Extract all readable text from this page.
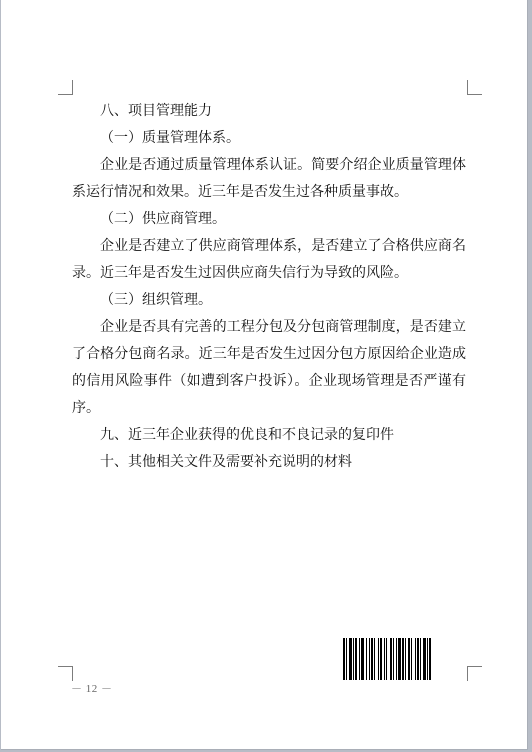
八、项目管理能力

（一）质量管理体系。

企业是否通过质量管理体系认证。简要介绍企业质量管理体系运行情况和效果。近三年是否发生过各种质量事故。

（二）供应商管理。

企业是否建立了供应商管理体系，是否建立了合格供应商名录。近三年是否发生过因供应商失信行为导致的风险。

（三）组织管理。

企业是否具有完善的工程分包及分包商管理制度，是否建立了合格分包商名录。近三年是否发生过因分包方原因给企业造成的信用风险事件（如遭到客户投诉）。企业现场管理是否严谨有序。

九、近三年企业获得的优良和不良记录的复印件

十、其他相关文件及需要补充说明的材料

－ 12 －
